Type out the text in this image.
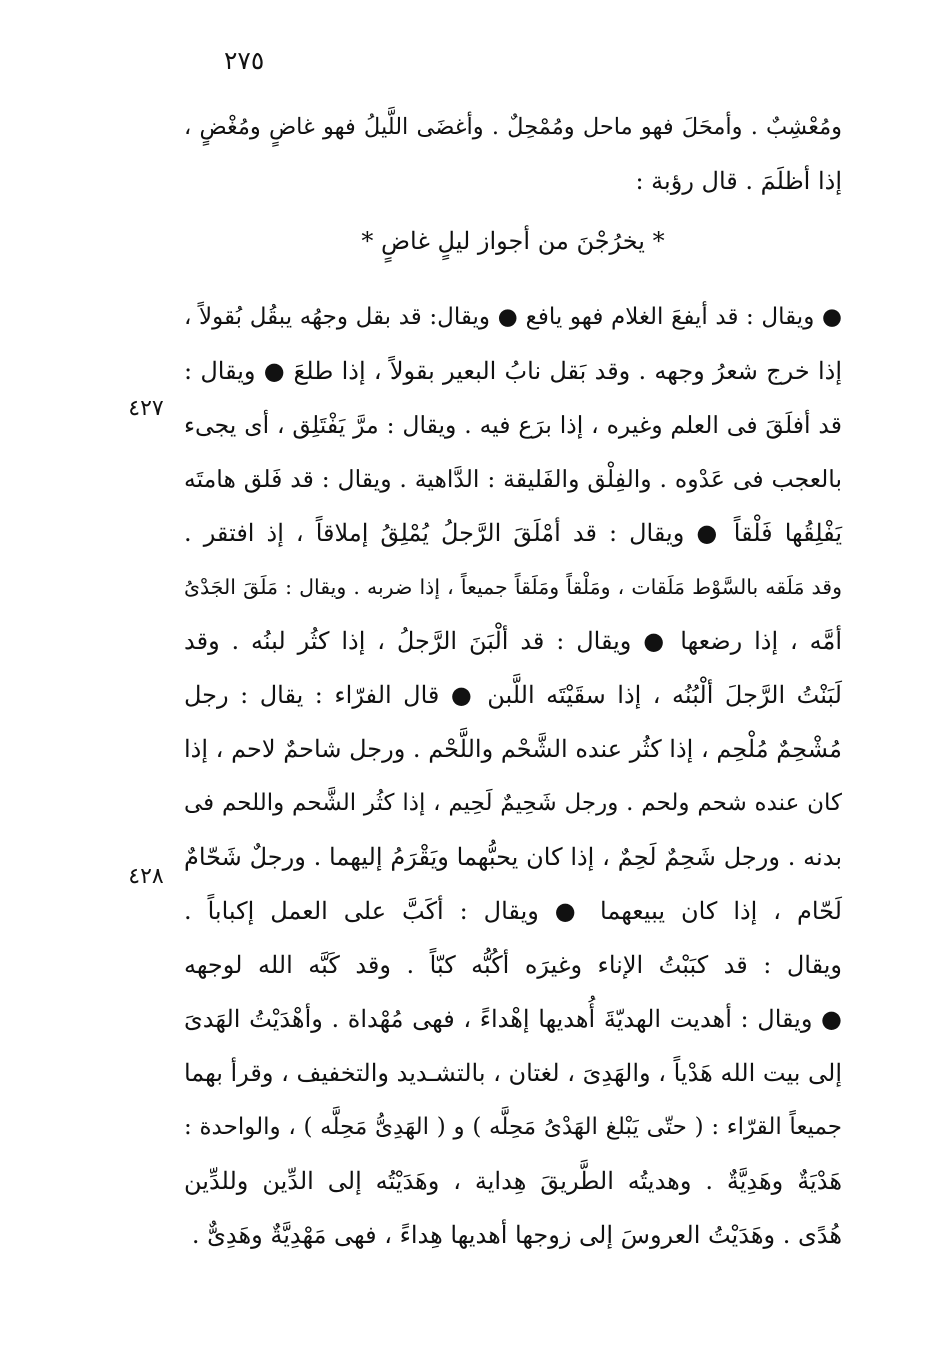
٢٧٥
ومُعْشِبٌ . وأمحَلَ فهو ماحل ومُمْحِلٌ . وأغضَى اللَّيلُ فهو غاضٍ ومُغْضٍ ،
إذا أظلَمَ . قال رؤبة :
* يخرُجْنَ من أجواز ليلٍ غاضٍ *
● ويقال : قد أيفعَ الغلام فهو يافع ● ويقال: قد بقل وجهُه يبقُل بُقولاً ،
إذا خرج شعرُ وجهه . وقد بَقل نابُ البعير بقولاً ، إذا طلعَ ● ويقال :
قد أفلَقَ فى العلم وغيره ، إذا برَع فيه . ويقال : مرَّ يَفْتَلِق ، أى يجىء
بالعجب فى عَدْوه . والفِلْق والفَليقة : الدَّاهية . ويقال : قد فَلق هامتَه
يَفْلِقُها فَلْقاً ● ويقال : قد أمْلَقَ الرَّجلُ يُمْلِقُ إملاقاً ، إذ افتقر .
وقد مَلَقه بالسَّوْط مَلَقات ، ومَلْقاً ومَلَقاً جميعاً ، إذا ضربه . ويقال : مَلَقَ الجَدْىُ
أمَّه ، إذا رضعها ● ويقال : قد ألْبَنَ الرَّجلُ ، إذا كثُر لبنُه . وقد
لَبَنْتُ الرَّجلَ ألْبُنُه ، إذا سقَيْتَه اللَّبن ● قال الفرّاء : يقال : رجل
مُشْحِمٌ مُلْحِم ، إذا كثُر عنده الشَّحْم واللَّحْم . ورجل شاحمٌ لاحم ، إذا
كان عنده شحم ولحم . ورجل شَحِيمٌ لَحِيم ، إذا كثُر الشَّحم واللحم فى
بدنه . ورجل شَحِمٌ لَحِمٌ ، إذا كان يحبُّهما ويَقْرَمُ إليهما . ورجلٌ شَحّامٌ
لَحّام ، إذا كان يبيعهما ● ويقال : أكَبَّ على العمل إكباباً .
ويقال : قد كبَبْتُ الإناء وغيرَه أكُبُّه كبّاً . وقد كَبَّه الله لوجهه
● ويقال : أهديت الهديّةَ أُهديها إهْداءً ، فهى مُهْداة . وأهْدَيْتُ الهَدىَ
إلى بيت الله هَدْياً ، والهَدِىَ ، لغتان ، بالتشـديد والتخفيف ، وقرأ بهما
جميعاً القرّاء : ( حتّى يَبْلغ الهَدْىُ مَحِلَّه ) و ( الهَدِىُّ مَحِلَّه ) ، والواحدة :
هَدْيَةٌ وهَدِيَّةٌ . وهديتُه الطَّريقَ هِداية ، وهَدَيْتُه إلى الدِّين وللدِّين
هُدًى . وهَدَيْتُ العروسَ إلى زوجها أهديها هِداءً ، فهى مَهْدِيَّةٌ وهَدِىٌّ .
٤٢٧
٤٢٨
